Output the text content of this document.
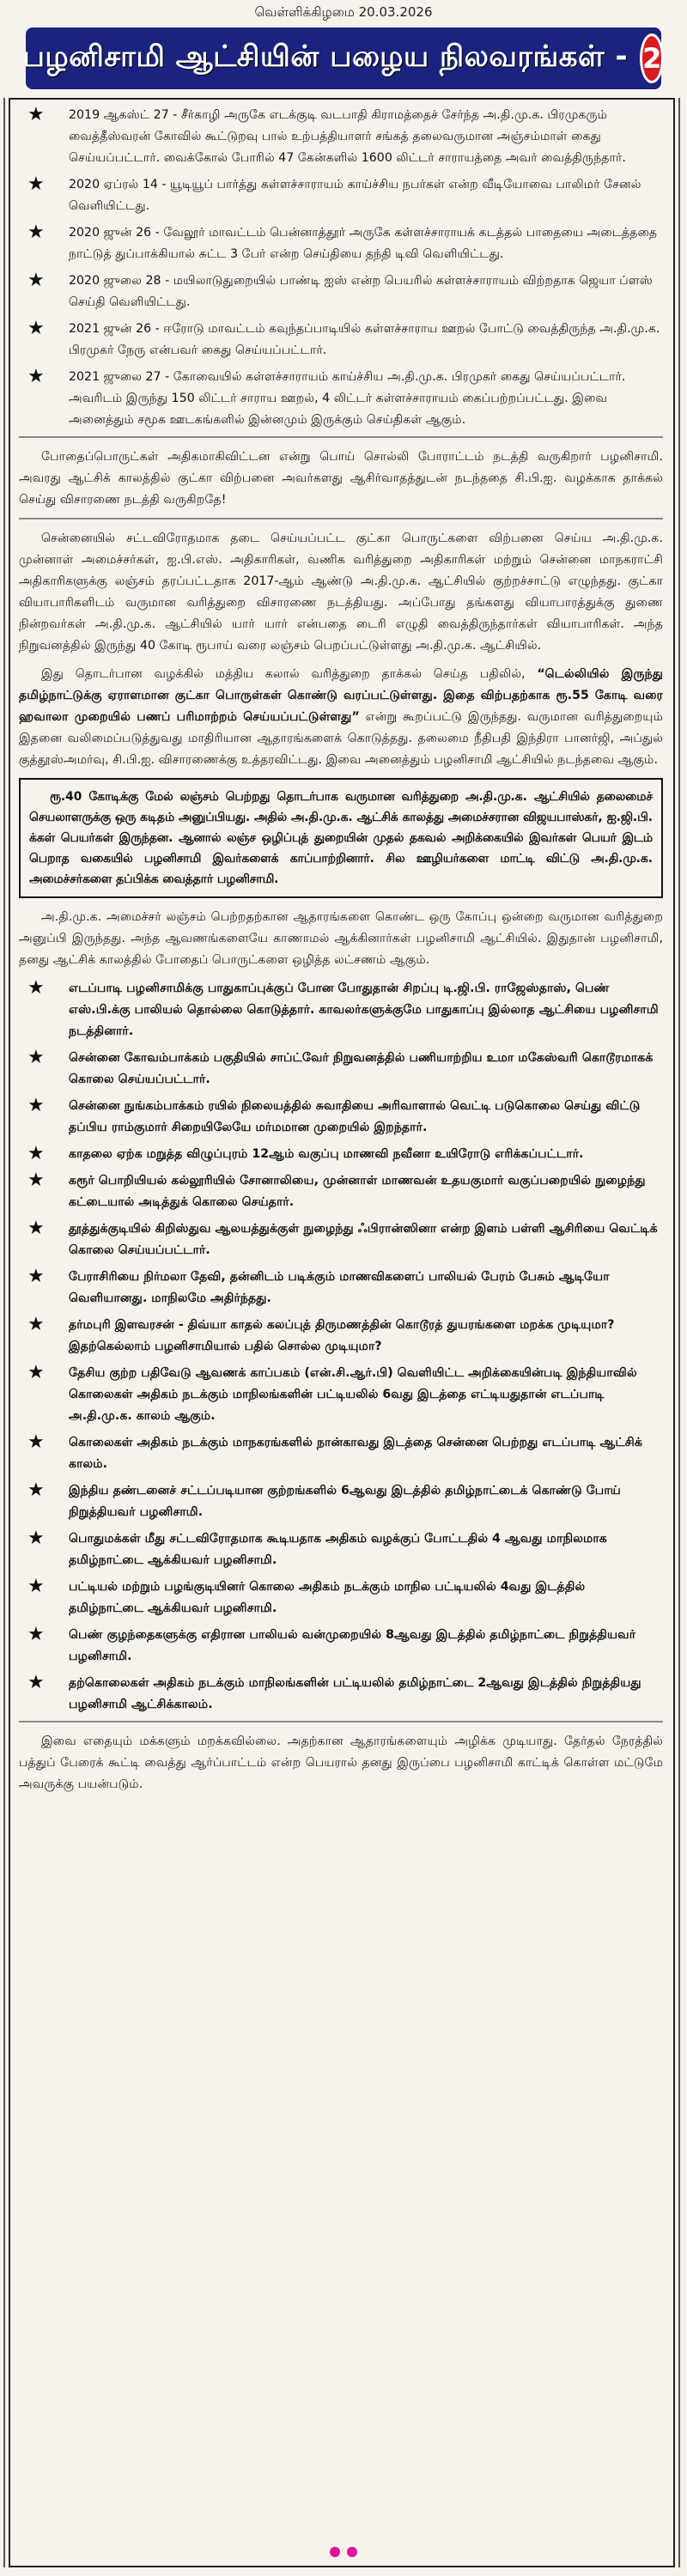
வெள்ளிக்கிழமை 20.03.2026
பழனிசாமி ஆட்சியின் பழைய நிலவரங்கள் - 2
★ 2019 ஆகஸ்ட் 27 - சீர்காழி அருகே எடக்குடி வடபாதி கிராமத்தைச் சேர்ந்த அ.தி.மு.க. பிரமுகரும் வைத்தீஸ்வரன் கோவில் கூட்டுறவு பால் உற்பத்தியாளர் சங்கத் தலைவருமான அஞ்சம்மாள் கைது செய்யப்பட்டார். வைக்கோல் போரில் 47 கேன்களில் 1600 லிட்டர் சாராயத்தை அவர் வைத்திருந்தார்.
★ 2020 ஏப்ரல் 14 - யூடியூப் பார்த்து கள்ளச்சாராயம் காய்ச்சிய நபர்கள் என்ற வீடியோவை பாலிமர் சேனல் வெளியிட்டது.
★ 2020 ஜுன் 26 - வேலூர் மாவட்டம் பென்னாத்தூர் அருகே கள்ளச்சாராயக் கடத்தல் பாதையை அடைத்ததை நாட்டுத் துப்பாக்கியால் சுட்ட 3 பேர் என்ற செய்தியை தந்தி டிவி வெளியிட்டது.
★ 2020 ஜுலை 28 - மயிலாடுதுறையில் பாண்டி ஐஸ் என்ற பெயரில் கள்ளச்சாராயம் விற்றதாக ஜெயா ப்ளஸ் செய்தி வெளியிட்டது.
★ 2021 ஜுன் 26 - ஈரோடு மாவட்டம் கவுந்தப்பாடியில் கள்ளச்சாராய ஊறல் போட்டு வைத்திருந்த அ.தி.மு.க. பிரமுகர் நேரு என்பவர் கைது செய்யப்பட்டார்.
★ 2021 ஜுலை 27 - கோவையில் கள்ளச்சாராயம் காய்ச்சிய அ.தி.மு.க. பிரமுகர் கைது செய்யப்பட்டார். அவரிடம் இருந்து 150 லிட்டர் சாராய ஊறல், 4 லிட்டர் கள்ளச்சாராயம் கைப்பற்றப்பட்டது. இவை அனைத்தும் சமூக ஊடகங்களில் இன்னமும் இருக்கும் செய்திகள் ஆகும்.

போதைப்பொருட்கள் அதிகமாகிவிட்டன என்று பொய் சொல்லி போராட்டம் நடத்தி வருகிறார் பழனிசாமி. அவரது ஆட்சிக் காலத்தில் குட்கா விற்பனை அவர்களது ஆசிர்வாதத்துடன் நடந்ததை சி.பி.ஐ. வழக்காக தாக்கல் செய்து விசாரணை நடத்தி வருகிறதே!

சென்னையில் சட்டவிரோதமாக தடை செய்யப்பட்ட குட்கா பொருட்களை விற்பனை செய்ய அ.தி.மு.க. முன்னாள் அமைச்சர்கள், ஐ.பி.எஸ். அதிகாரிகள், வணிக வரித்துறை அதிகாரிகள் மற்றும் சென்னை மாநகராட்சி அதிகாரிகளுக்கு லஞ்சம் தரப்பட்டதாக 2017-ஆம் ஆண்டு அ.தி.மு.க. ஆட்சியில் குற்றச்சாட்டு எழுந்தது. குட்கா வியாபாரிகளிடம் வருமான வரித்துறை விசாரணை நடத்தியது. அப்போது தங்களது வியாபாரத்துக்கு துணை நின்றவர்கள் அ.தி.மு.க. ஆட்சியில் யார் யார் என்பதை டைரி எழுதி வைத்திருந்தார்கள் வியாபாரிகள். அந்த நிறுவனத்தில் இருந்து 40 கோடி ரூபாய் வரை லஞ்சம் பெறப்பட்டுள்ளது அ.தி.மு.க. ஆட்சியில்.

இது தொடர்பான வழக்கில் மத்திய கலால் வரித்துறை தாக்கல் செய்த பதிலில், “டெல்லியில் இருந்து தமிழ்நாட்டுக்கு ஏராளமான குட்கா பொருள்கள் கொண்டு வரப்பட்டுள்ளது. இதை விற்பதற்காக ரூ.55 கோடி வரை ஹவாலா முறையில் பணப் பரிமாற்றம் செய்யப்பட்டுள்ளது” என்று கூறப்பட்டு இருந்தது. வருமான வரித்துறையும் இதனை வலிமைப்படுத்துவது மாதிரியான ஆதாரங்களைக் கொடுத்தது. தலைமை நீதிபதி இந்திரா பானர்ஜி, அப்துல் குத்தூஸ்அமர்வு, சி.பி.ஐ. விசாரணைக்கு உத்தரவிட்டது. இவை அனைத்தும் பழனிசாமி ஆட்சியில் நடந்தவை ஆகும்.

ரூ.40 கோடிக்கு மேல் லஞ்சம் பெற்றது தொடர்பாக வருமான வரித்துறை அ.தி.மு.க. ஆட்சியில் தலைமைச் செயலாளருக்கு ஒரு கடிதம் அனுப்பியது. அதில் அ.தி.மு.க. ஆட்சிக் காலத்து அமைச்சரான விஜயபாஸ்கர், ஐ.ஜி.பி. க்கள் பெயர்கள் இருந்தன. ஆனால் லஞ்ச ஒழிப்புத் துறையின் முதல் தகவல் அறிக்கையில் இவர்கள் பெயர் இடம் பெறாத வகையில் பழனிசாமி இவர்களைக் காப்பாற்றினார். சில ஊழியர்களை மாட்டி விட்டு அ.தி.மு.க. அமைச்சர்களை தப்பிக்க வைத்தார் பழனிசாமி.

அ.தி.மு.க. அமைச்சர் லஞ்சம் பெற்றதற்கான ஆதாரங்களை கொண்ட ஒரு கோப்பு ஒன்றை வருமான வரித்துறை அனுப்பி இருந்தது. அந்த ஆவணங்களையே காணாமல் ஆக்கினார்கள் பழனிசாமி ஆட்சியில். இதுதான் பழனிசாமி, தனது ஆட்சிக் காலத்தில் போதைப் பொருட்களை ஒழித்த லட்சணம் ஆகும்.

★ எடப்பாடி பழனிசாமிக்கு பாதுகாப்புக்குப் போன போதுதான் சிறப்பு டி.ஜி.பி. ராஜேஸ்தாஸ், பெண் எஸ்.பி.க்கு பாலியல் தொல்லை கொடுத்தார். காவலர்களுக்குமே பாதுகாப்பு இல்லாத ஆட்சியை பழனிசாமி நடத்தினார்.
★ சென்னை கோவம்பாக்கம் பகுதியில் சாப்ட்வேர் நிறுவனத்தில் பணியாற்றிய உமா மகேஸ்வரி கொடூரமாகக் கொலை செய்யப்பட்டார்.
★ சென்னை நுங்கம்பாக்கம் ரயில் நிலையத்தில் சுவாதியை அரிவாளால் வெட்டி படுகொலை செய்து விட்டு தப்பிய ராம்குமார் சிறையிலேயே மர்மமான முறையில் இறந்தார்.
★ காதலை ஏற்க மறுத்த விழுப்புரம் 12ஆம் வகுப்பு மாணவி நவீனா உயிரோடு எரிக்கப்பட்டார்.
★ கரூர் பொறியியல் கல்லூரியில் சோனாலியை, முன்னாள் மாணவன் உதயகுமார் வகுப்பறையில் நுழைந்து கட்டையால் அடித்துக் கொலை செய்தார்.
★ தூத்துக்குடியில் கிறிஸ்துவ ஆலயத்துக்குள் நுழைந்து ஃபிரான்ஸினா என்ற இளம் பள்ளி ஆசிரியை வெட்டிக் கொலை செய்யப்பட்டார்.
★ பேராசிரியை நிர்மலா தேவி, தன்னிடம் படிக்கும் மாணவிகளைப் பாலியல் பேரம் பேசும் ஆடியோ வெளியானது. மாநிலமே அதிர்ந்தது.
★ தர்மபுரி இளவரசன் - திவ்யா காதல் கலப்புத் திருமணத்தின் கொடூரத் துயரங்களை மறக்க முடியுமா? இதற்கெல்லாம் பழனிசாமியால் பதில் சொல்ல முடியுமா?
★ தேசிய குற்ற பதிவேடு ஆவணக் காப்பகம் (என்.சி.ஆர்.பி) வெளியிட்ட அறிக்கையின்படி இந்தியாவில் கொலைகள் அதிகம் நடக்கும் மாநிலங்களின் பட்டியலில் 6வது இடத்தை எட்டியதுதான் எடப்பாடி அ.தி.மு.க. காலம் ஆகும்.
★ கொலைகள் அதிகம் நடக்கும் மாநகரங்களில் நான்காவது இடத்தை சென்னை பெற்றது எடப்பாடி ஆட்சிக் காலம்.
★ இந்திய தண்டனைச் சட்டப்படியான குற்றங்களில் 6ஆவது இடத்தில் தமிழ்நாட்டைக் கொண்டு போய் நிறுத்தியவர் பழனிசாமி.
★ பொதுமக்கள் மீது சட்டவிரோதமாக கூடியதாக அதிகம் வழக்குப் போட்டதில் 4 ஆவது மாநிலமாக தமிழ்நாட்டை ஆக்கியவர் பழனிசாமி.
★ பட்டியல் மற்றும் பழங்குடியினர் கொலை அதிகம் நடக்கும் மாநில பட்டியலில் 4வது இடத்தில் தமிழ்நாட்டை ஆக்கியவர் பழனிசாமி.
★ பெண் குழந்தைகளுக்கு எதிரான பாலியல் வன்முறையில் 8ஆவது இடத்தில் தமிழ்நாட்டை நிறுத்தியவர் பழனிசாமி.
★ தற்கொலைகள் அதிகம் நடக்கும் மாநிலங்களின் பட்டியலில் தமிழ்நாட்டை 2ஆவது இடத்தில் நிறுத்தியது பழனிசாமி ஆட்சிக்காலம்.

இவை எதையும் மக்களும் மறக்கவில்லை. அதற்கான ஆதாரங்களையும் அழிக்க முடியாது. தேர்தல் நேரத்தில் பத்துப் பேரைக் கூட்டி வைத்து ஆர்ப்பாட்டம் என்ற பெயரால் தனது இருப்பை பழனிசாமி காட்டிக் கொள்ள மட்டுமே அவருக்கு பயன்படும்.
